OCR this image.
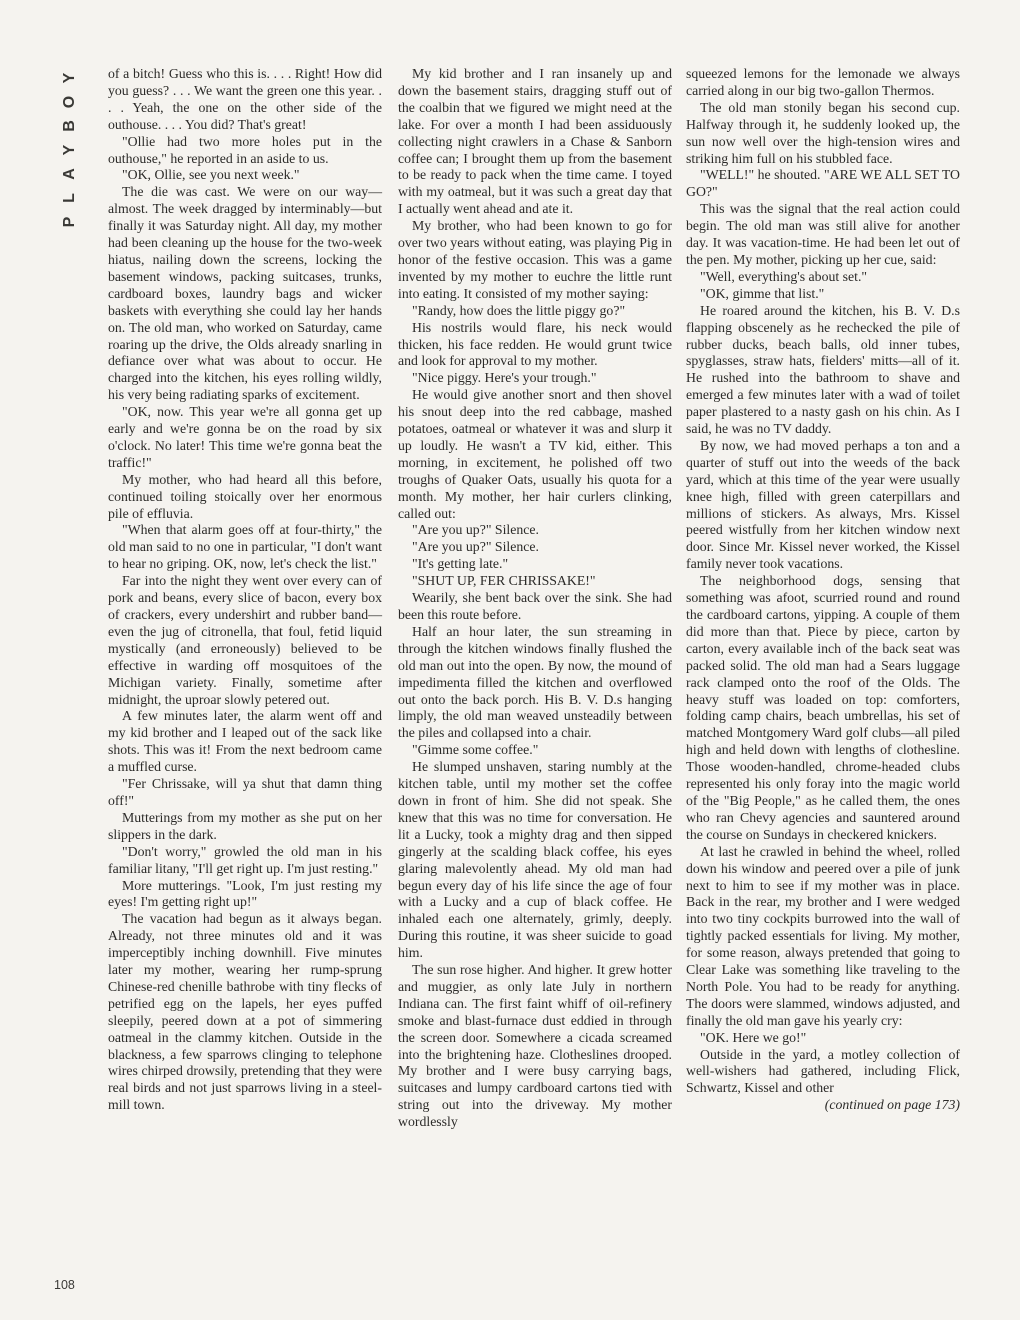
Y
O
B
Y
A
L
P

of a bitch! Guess who this is. . . . Right! How did you guess? . . . We want the green one this year. . . . Yeah, the one on the other side of the outhouse. . . . You did? That's great!

"Ollie had two more holes put in the outhouse," he reported in an aside to us.

"OK, Ollie, see you next week."

The die was cast. We were on our way—almost. The week dragged by interminably—but finally it was Saturday night. All day, my mother had been cleaning up the house for the two-week hiatus, nailing down the screens, locking the basement windows, packing suitcases, trunks, cardboard boxes, laundry bags and wicker baskets with everything she could lay her hands on. The old man, who worked on Saturday, came roaring up the drive, the Olds already snarling in defiance over what was about to occur. He charged into the kitchen, his eyes rolling wildly, his very being radiating sparks of excitement.

"OK, now. This year we're all gonna get up early and we're gonna be on the road by six o'clock. No later! This time we're gonna beat the traffic!"

My mother, who had heard all this before, continued toiling stoically over her enormous pile of effluvia.

"When that alarm goes off at four-thirty," the old man said to no one in particular, "I don't want to hear no griping. OK, now, let's check the list."

Far into the night they went over every can of pork and beans, every slice of bacon, every box of crackers, every undershirt and rubber band—even the jug of citronella, that foul, fetid liquid mystically (and erroneously) believed to be effective in warding off mosquitoes of the Michigan variety. Finally, sometime after midnight, the uproar slowly petered out.

A few minutes later, the alarm went off and my kid brother and I leaped out of the sack like shots. This was it! From the next bedroom came a muffled curse.

"Fer Chrissake, will ya shut that damn thing off!"

Mutterings from my mother as she put on her slippers in the dark.

"Don't worry," growled the old man in his familiar litany, "I'll get right up. I'm just resting."

More mutterings. "Look, I'm just resting my eyes! I'm getting right up!"

The vacation had begun as it always began. Already, not three minutes old and it was imperceptibly inching downhill. Five minutes later my mother, wearing her rump-sprung Chinese-red chenille bathrobe with tiny flecks of petrified egg on the lapels, her eyes puffed sleepily, peered down at a pot of simmering oatmeal in the clammy kitchen. Outside in the blackness, a few sparrows clinging to telephone wires chirped drowsily, pretending that they were real birds and not just sparrows living in a steel-mill town.

My kid brother and I ran insanely up and down the basement stairs, dragging stuff out of the coalbin that we figured we might need at the lake. For over a month I had been assiduously collecting night crawlers in a Chase & Sanborn coffee can; I brought them up from the basement to be ready to pack when the time came. I toyed with my oatmeal, but it was such a great day that I actually went ahead and ate it.

My brother, who had been known to go for over two years without eating, was playing Pig in honor of the festive occasion. This was a game invented by my mother to euchre the little runt into eating. It consisted of my mother saying:

"Randy, how does the little piggy go?"

His nostrils would flare, his neck would thicken, his face redden. He would grunt twice and look for approval to my mother.

"Nice piggy. Here's your trough."

He would give another snort and then shovel his snout deep into the red cabbage, mashed potatoes, oatmeal or whatever it was and slurp it up loudly. He wasn't a TV kid, either. This morning, in excitement, he polished off two troughs of Quaker Oats, usually his quota for a month. My mother, her hair curlers clinking, called out:

"Are you up?" Silence.

"Are you up?" Silence.

"It's getting late."

"SHUT UP, FER CHRISSAKE!"

Wearily, she bent back over the sink. She had been this route before.

Half an hour later, the sun streaming in through the kitchen windows finally flushed the old man out into the open. By now, the mound of impedimenta filled the kitchen and overflowed out onto the back porch. His B. V. D.s hanging limply, the old man weaved unsteadily between the piles and collapsed into a chair.

"Gimme some coffee."

He slumped unshaven, staring numbly at the kitchen table, until my mother set the coffee down in front of him. She did not speak. She knew that this was no time for conversation. He lit a Lucky, took a mighty drag and then sipped gingerly at the scalding black coffee, his eyes glaring malevolently ahead. My old man had begun every day of his life since the age of four with a Lucky and a cup of black coffee. He inhaled each one alternately, grimly, deeply. During this routine, it was sheer suicide to goad him.

The sun rose higher. And higher. It grew hotter and muggier, as only late July in northern Indiana can. The first faint whiff of oil-refinery smoke and blast-furnace dust eddied in through the screen door. Somewhere a cicada screamed into the brightening haze. Clotheslines drooped. My brother and I were busy carrying bags, suitcases and lumpy cardboard cartons tied with string out into the driveway. My mother wordlessly

squeezed lemons for the lemonade we always carried along in our big two-gallon Thermos.

The old man stonily began his second cup. Halfway through it, he suddenly looked up, the sun now well over the high-tension wires and striking him full on his stubbled face.

"WELL!" he shouted. "ARE WE ALL SET TO GO?"

This was the signal that the real action could begin. The old man was still alive for another day. It was vacation-time. He had been let out of the pen. My mother, picking up her cue, said:

"Well, everything's about set."

"OK, gimme that list."

He roared around the kitchen, his B. V. D.s flapping obscenely as he rechecked the pile of rubber ducks, beach balls, old inner tubes, spyglasses, straw hats, fielders' mitts—all of it. He rushed into the bathroom to shave and emerged a few minutes later with a wad of toilet paper plastered to a nasty gash on his chin. As I said, he was no TV daddy.

By now, we had moved perhaps a ton and a quarter of stuff out into the weeds of the back yard, which at this time of the year were usually knee high, filled with green caterpillars and millions of stickers. As always, Mrs. Kissel peered wistfully from her kitchen window next door. Since Mr. Kissel never worked, the Kissel family never took vacations.

The neighborhood dogs, sensing that something was afoot, scurried round and round the cardboard cartons, yipping. A couple of them did more than that. Piece by piece, carton by carton, every available inch of the back seat was packed solid. The old man had a Sears luggage rack clamped onto the roof of the Olds. The heavy stuff was loaded on top: comforters, folding camp chairs, beach umbrellas, his set of matched Montgomery Ward golf clubs—all piled high and held down with lengths of clothesline. Those wooden-handled, chrome-headed clubs represented his only foray into the magic world of the "Big People," as he called them, the ones who ran Chevy agencies and sauntered around the course on Sundays in checkered knickers.

At last he crawled in behind the wheel, rolled down his window and peered over a pile of junk next to him to see if my mother was in place. Back in the rear, my brother and I were wedged into two tiny cockpits burrowed into the wall of tightly packed essentials for living. My mother, for some reason, always pretended that going to Clear Lake was something like traveling to the North Pole. You had to be ready for anything. The doors were slammed, windows adjusted, and finally the old man gave his yearly cry:

"OK. Here we go!"

Outside in the yard, a motley collection of well-wishers had gathered, including Flick, Schwartz, Kissel and other

(continued on page 173)

108
